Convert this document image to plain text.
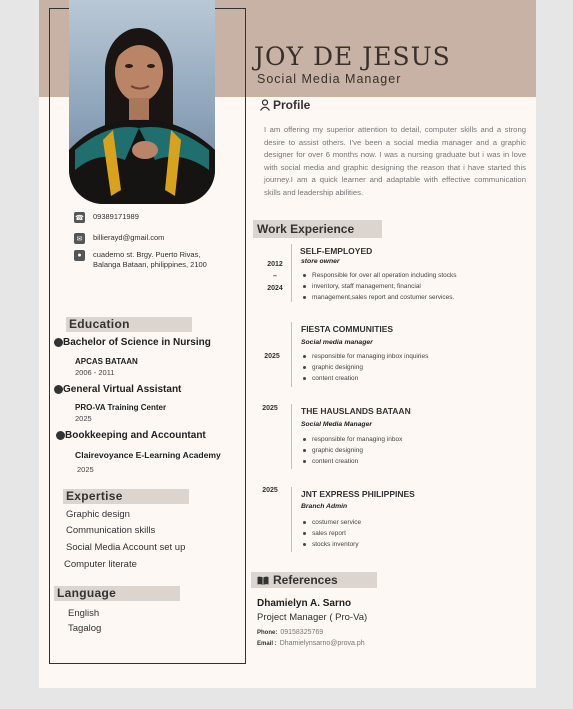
JOY DE JESUS
Social Media Manager
☎ 09389171989
✉	billierayd@gmail.com
●	cuaderno st. Brgy. Puerto Rivas,
Balanga Bataan, philippines, 2100
Education
Bachelor of Science in Nursing
APCAS BATAAN
2006 - 2011
General Virtual Assistant
PRO-VA Training Center
2025
Bookkeeping and Accountant
Clairevoyance E-Learning Academy
2025
Expertise
Graphic design
Communication skills
Social Media Account set up
Computer literate
Language
English
Tagalog
Profile
I am offering my superior attention to detail, computer skills and a strong desire to assist others. I've been a social media manager and a graphic designer for over 6 months now. I was a nursing graduate but i was in love with social media and graphic designing the reason that i have started this journey.I am a quick learner and adaptable with effective communication skills and leadership abilities.
Work Experience
2012
–
2024
SELF-EMPLOYED
store owner
Responsible for over all operation including stocks
inventory, staff management, financial
management,sales report and costumer services.
2025
FIESTA COMMUNITIES
Social media manager
responsible for managing inbox inquiries
graphic designing
content creation
2025	THE HAUSLANDS BATAAN
Social Media Manager
responsible for managing inbox
graphic designing
content creation
2025	JNT EXPRESS PHILIPPINES
Branch Admin
costumer service
sales report
stocks inventory
References
Dhamielyn A. Sarno
Project Manager ( Pro-Va)
Phone: 09158325769
Email : Dhamielynsarno@prova.ph
